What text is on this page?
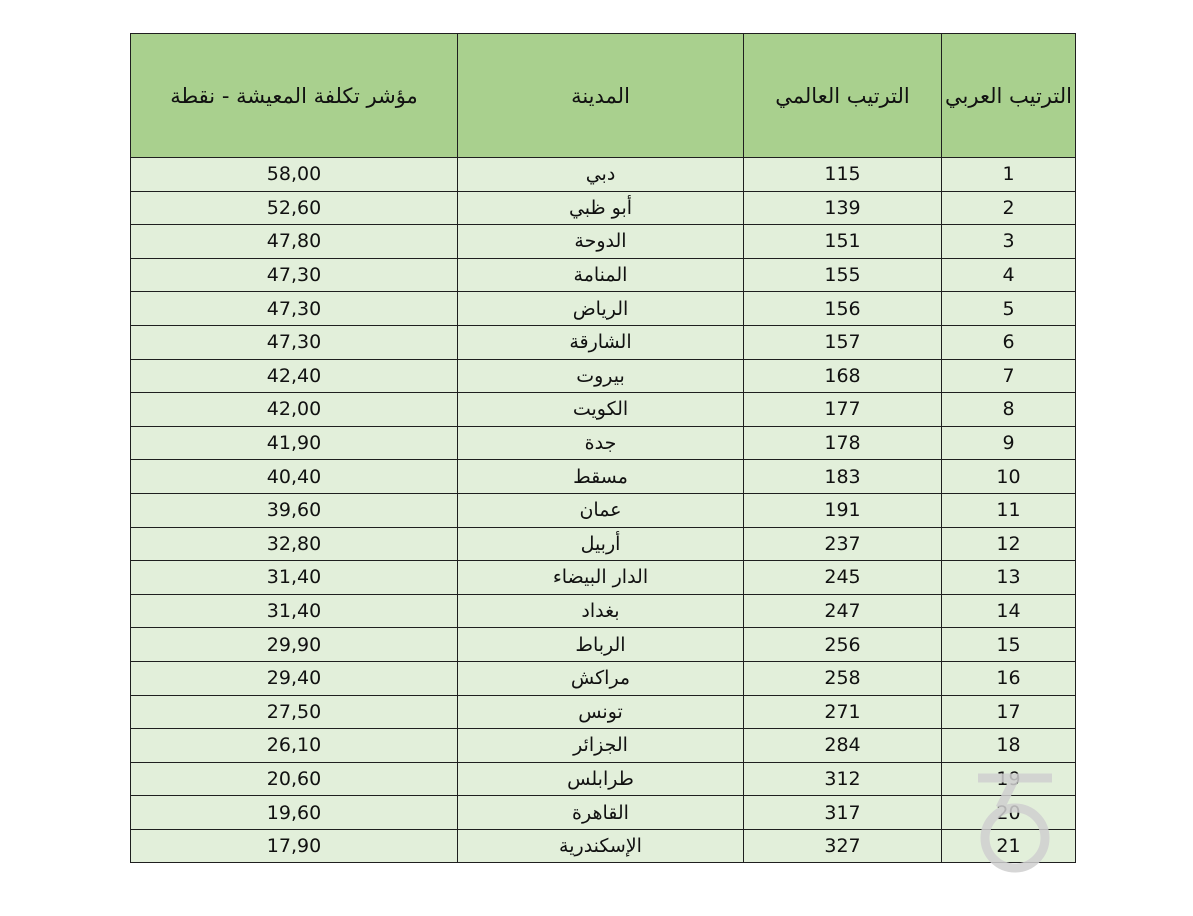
مؤشر تكلفة المعيشة - نقطة	المدينة	الترتيب العالمي	الترتيب العربي
58,00	دبي	115	1
52,60	أبو ظبي	139	2
47,80	الدوحة	151	3
47,30	المنامة	155	4
47,30	الرياض	156	5
47,30	الشارقة	157	6
42,40	بيروت	168	7
42,00	الكويت	177	8
41,90	جدة	178	9
40,40	مسقط	183	10
39,60	عمان	191	11
32,80	أربيل	237	12
31,40	الدار البيضاء	245	13
31,40	بغداد	247	14
29,90	الرباط	256	15
29,40	مراكش	258	16
27,50	تونس	271	17
26,10	الجزائر	284	18
20,60	طرابلس	312	19
19,60	القاهرة	317	20
17,90	الإسكندرية	327	21
